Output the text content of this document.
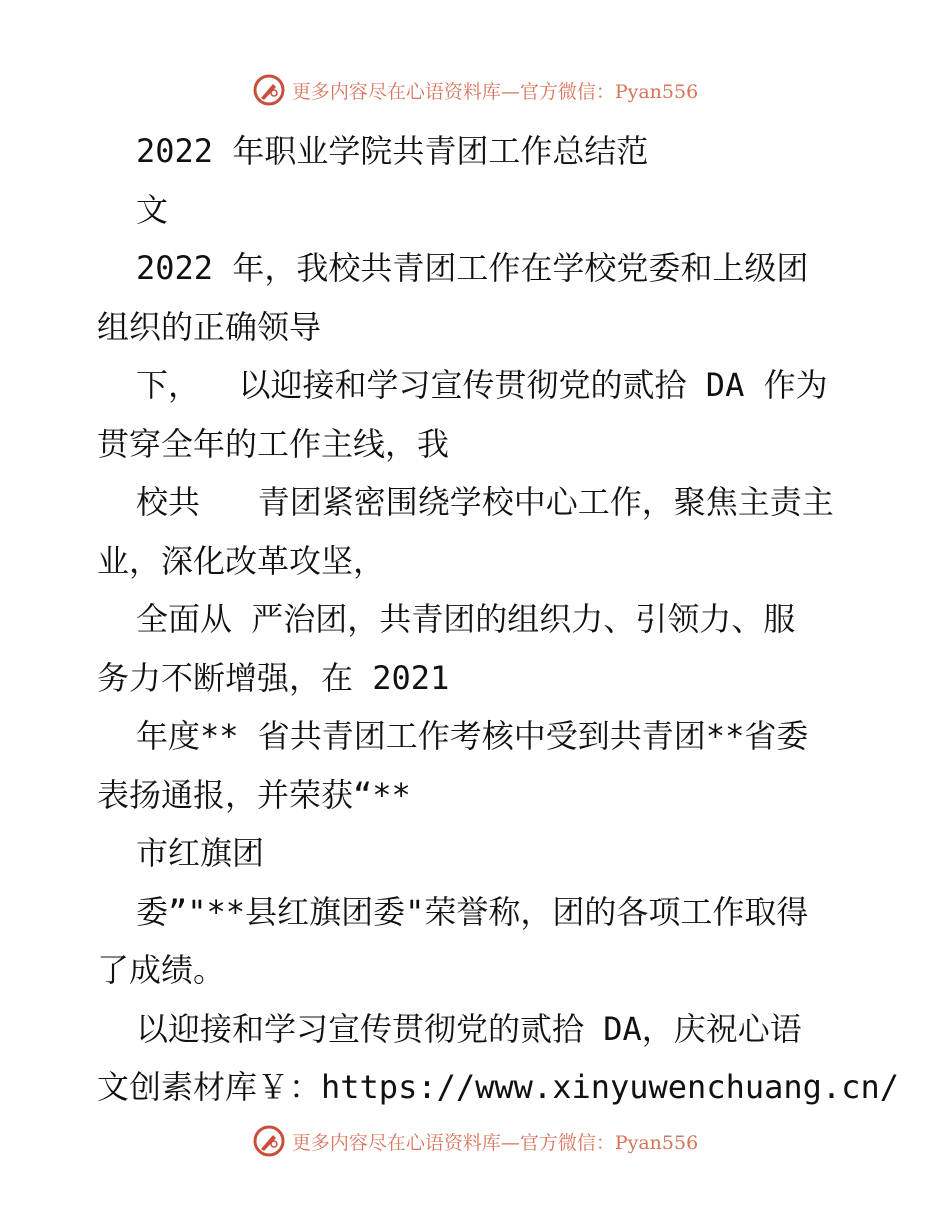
更多内容尽在心语资料库—官方微信：Pyan556
2022 年职业学院共青团工作总结范
文
2022 年，我校共青团工作在学校党委和上级团
组织的正确领导
下，  以迎接和学习宣传贯彻党的贰拾 DA 作为
贯穿全年的工作主线，我
校共   青团紧密围绕学校中心工作，聚焦主责主
业，深化改革攻坚，
全面从 严治团，共青团的组织力、引领力、服
务力不断增强，在 2021
年度** 省共青团工作考核中受到共青团**省委
表扬通报，并荣获“**
市红旗团
委”"**县红旗团委"荣誉称，团的各项工作取得
了成绩。
以迎接和学习宣传贯彻党的贰拾 DA，庆祝心语
文创素材库￥：https://www.xinyuwenchuang.cn/
更多内容尽在心语资料库—官方微信：Pyan556
